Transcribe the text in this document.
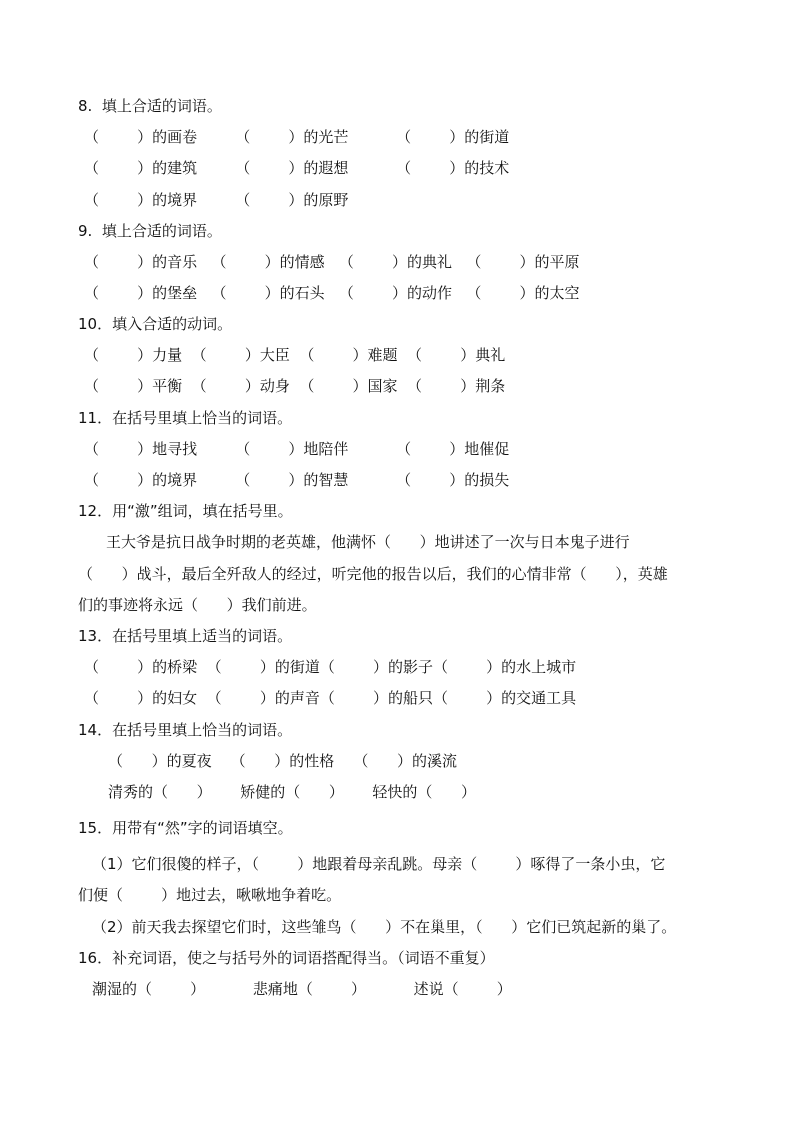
8.  填上合适的词语。
（        ）的画卷        （        ）的光芒          （        ）的街道
（        ）的建筑        （        ）的遐想          （        ）的技术
（        ）的境界        （        ）的原野
9.  填上合适的词语。
（        ）的音乐   （        ）的情感   （        ）的典礼   （        ）的平原
（        ）的堡垒   （        ）的石头   （        ）的动作   （        ）的太空
10．填入合适的动词。
（        ）力量  （        ）大臣  （        ）难题  （        ）典礼
（        ）平衡  （        ）动身  （        ）国家  （        ）荆条
11．在括号里填上恰当的词语。
（        ）地寻找        （        ）地陪伴          （        ）地催促
（        ）的境界        （        ）的智慧          （        ）的损失
12．用“激”组词，填在括号里。
王大爷是抗日战争时期的老英雄，他满怀（      ）地讲述了一次与日本鬼子进行
（      ）战斗，最后全歼敌人的经过，听完他的报告以后，我们的心情非常（      ），英雄
们的事迹将永远（      ）我们前进。
13．在括号里填上适当的词语。
（        ）的桥梁  （        ）的街道（        ）的影子（        ）的水上城市
（        ）的妇女  （        ）的声音（        ）的船只（        ）的交通工具
14．在括号里填上恰当的词语。
（      ）的夏夜    （      ）的性格    （      ）的溪流
清秀的（      ）      矫健的（      ）      轻快的（      ）
15．用带有“然”字的词语填空。
（1）它们很傻的样子，（        ）地跟着母亲乱跳。母亲（        ）啄得了一条小虫，它
们便（        ）地过去，啾啾地争着吃。
（2）前天我去探望它们时，这些雏鸟（      ）不在巢里，（      ）它们已筑起新的巢了。
16．补充词语，使之与括号外的词语搭配得当。（词语不重复）
潮湿的（        ）          悲痛地（        ）          述说（        ）
